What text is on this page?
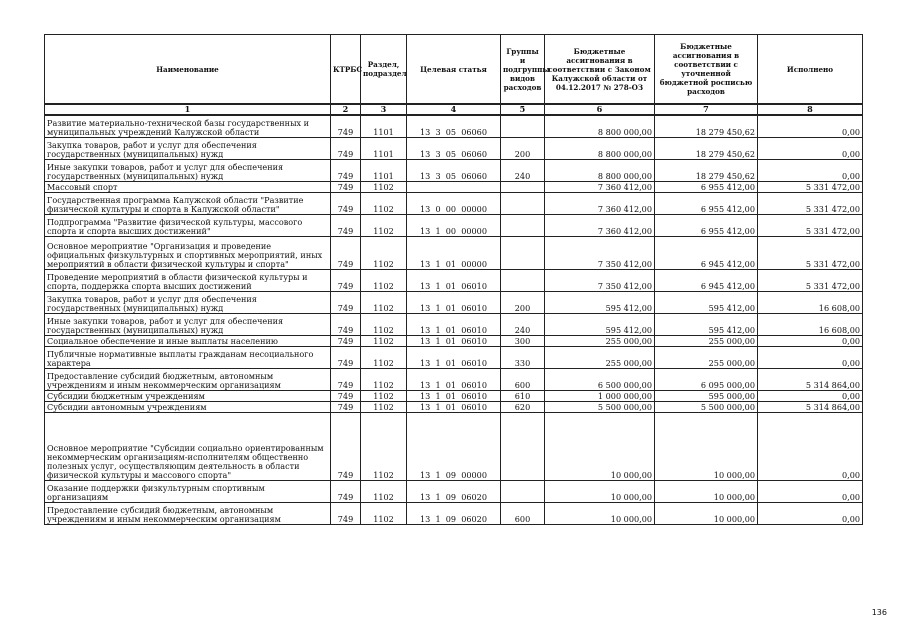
Наименование	КТРБС	Раздел, подраздел	Целевая статья	Группы и подгруппы видов расходов	Бюджетные ассигнования в соответствии с Законом Калужской области от 04.12.2017 № 278-ОЗ	Бюджетные ассигнования в соответствии с уточненной бюджетной росписью расходов	Исполнено
1	2	3	4	5	6	7	8
Развитие материально-технической базы государственных и муниципальных учреждений Калужской области	749	1101	13  3  05  06060		8 800 000,00	18 279 450,62	0,00
Закупка товаров, работ и услуг для обеспечения государственных (муниципальных) нужд	749	1101	13  3  05  06060	200	8 800 000,00	18 279 450,62	0,00
Иные закупки товаров, работ и услуг для обеспечения государственных (муниципальных) нужд	749	1101	13  3  05  06060	240	8 800 000,00	18 279 450,62	0,00
Массовый спорт	749	1102			7 360 412,00	6 955 412,00	5 331 472,00
Государственная программа Калужской области "Развитие физической культуры и спорта в Калужской области"	749	1102	13  0  00  00000		7 360 412,00	6 955 412,00	5 331 472,00
Подпрограмма "Развитие физической культуры, массового спорта и спорта высших достижений"	749	1102	13  1  00  00000		7 360 412,00	6 955 412,00	5 331 472,00
Основное мероприятие "Организация и проведение официальных физкультурных и спортивных мероприятий, иных мероприятий в области физической культуры и спорта"	749	1102	13  1  01  00000		7 350 412,00	6 945 412,00	5 331 472,00
Проведение мероприятий в области физической культуры и спорта, поддержка спорта высших достижений	749	1102	13  1  01  06010		7 350 412,00	6 945 412,00	5 331 472,00
Закупка товаров, работ и услуг для обеспечения государственных (муниципальных) нужд	749	1102	13  1  01  06010	200	595 412,00	595 412,00	16 608,00
Иные закупки товаров, работ и услуг для обеспечения государственных (муниципальных) нужд	749	1102	13  1  01  06010	240	595 412,00	595 412,00	16 608,00
Социальное обеспечение и иные выплаты населению	749	1102	13  1  01  06010	300	255 000,00	255 000,00	0,00
Публичные нормативные выплаты гражданам несоциального характера	749	1102	13  1  01  06010	330	255 000,00	255 000,00	0,00
Предоставление субсидий бюджетным, автономным учреждениям и иным некоммерческим организациям	749	1102	13  1  01  06010	600	6 500 000,00	6 095 000,00	5 314 864,00
Субсидии бюджетным учреждениям	749	1102	13  1  01  06010	610	1 000 000,00	595 000,00	0,00
Субсидии автономным учреждениям	749	1102	13  1  01  06010	620	5 500 000,00	5 500 000,00	5 314 864,00
Основное мероприятие "Субсидии социально ориентированным некоммерческим организациям-исполнителям общественно полезных услуг, осуществляющим деятельность в области физической культуры и массового спорта"	749	1102	13  1  09  00000		10 000,00	10 000,00	0,00
Оказание поддержки физкультурным спортивным организациям	749	1102	13  1  09  06020		10 000,00	10 000,00	0,00
Предоставление субсидий бюджетным, автономным учреждениям и иным некоммерческим организациям	749	1102	13  1  09  06020	600	10 000,00	10 000,00	0,00
136
